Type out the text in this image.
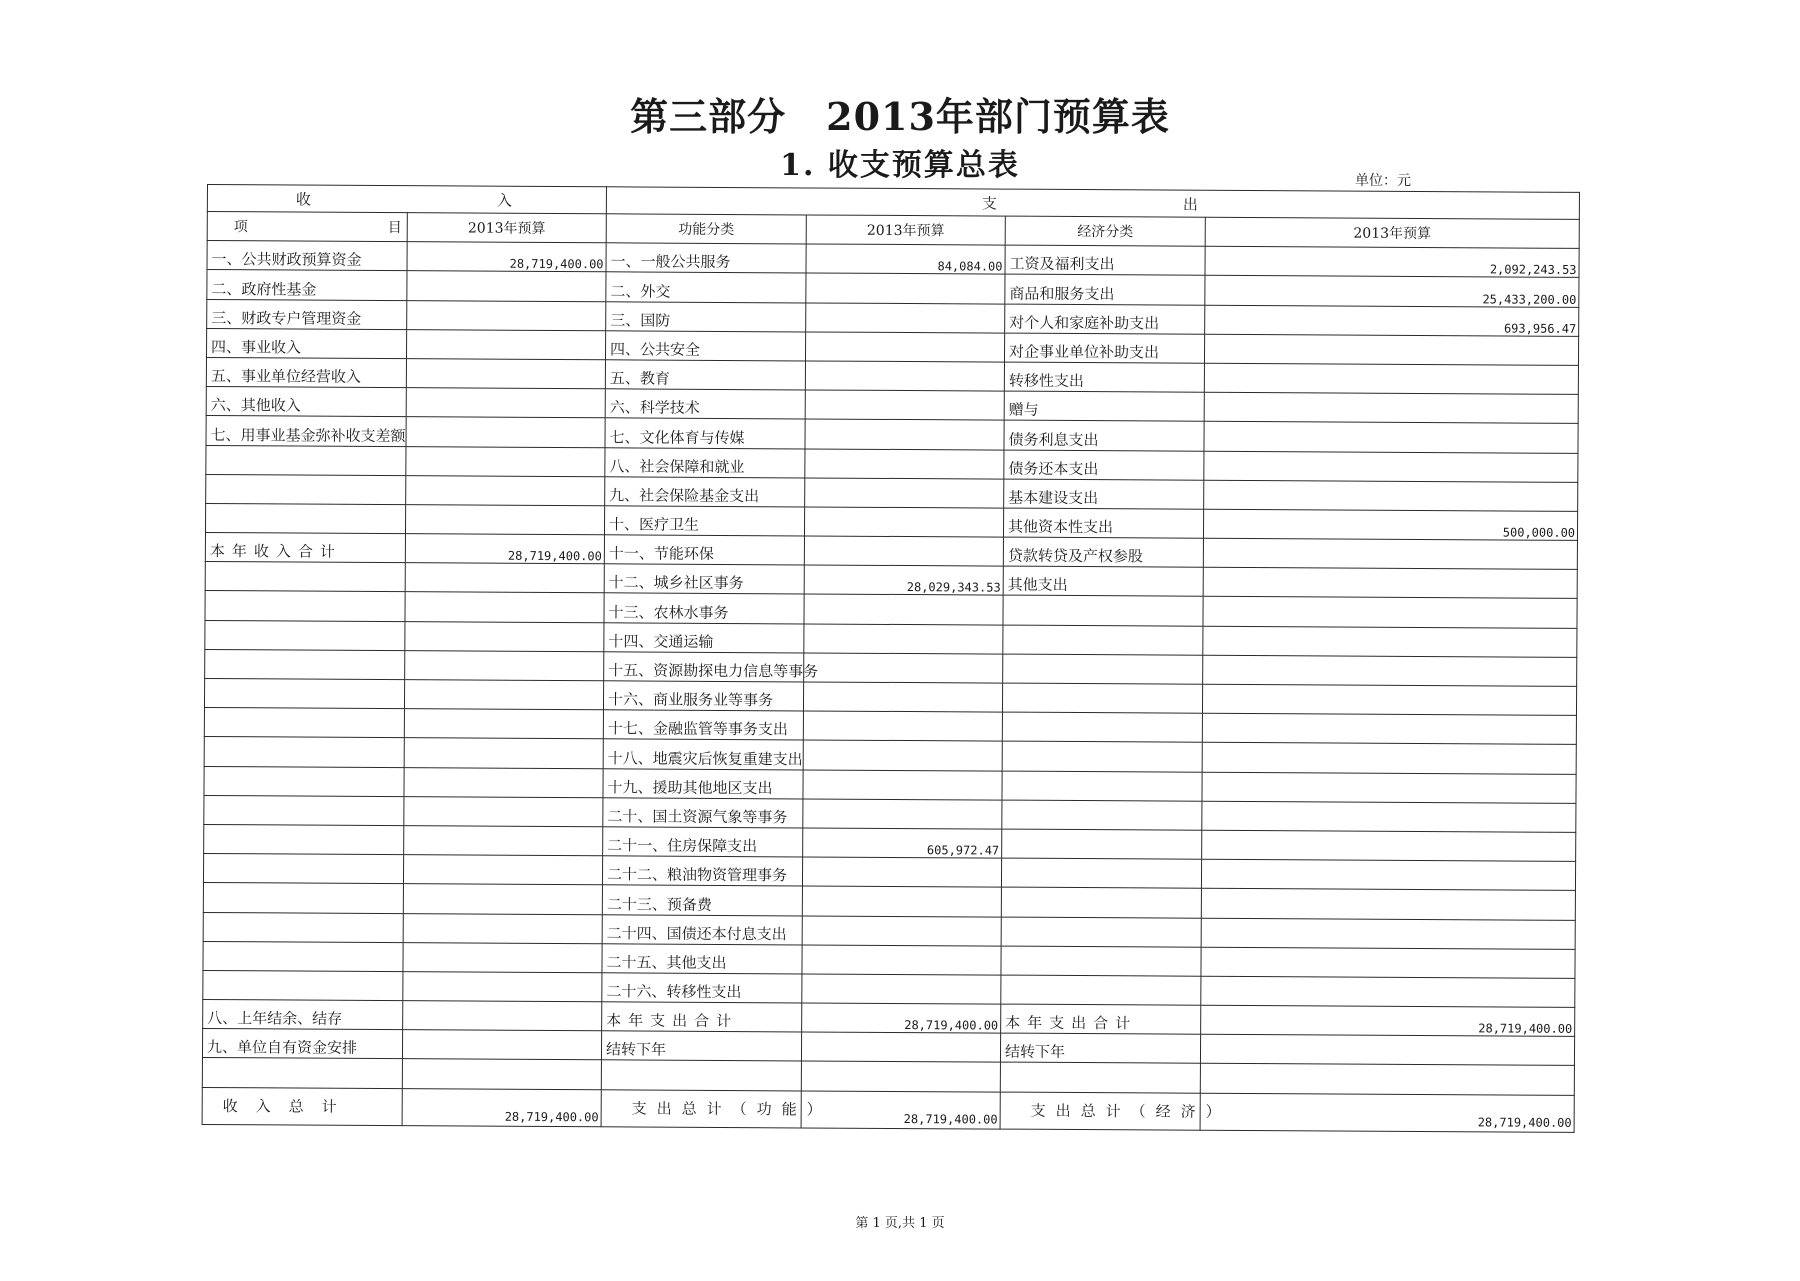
第三部分 2013年部门预算表
1. 收支预算总表	单位：元
收 入		支 出			
项 目	2013年预算	功能分类	2013年预算	经济分类	2013年预算
一、公共财政预算资金	28,719,400.00	一、一般公共服务	84,084.00	工资及福利支出	2,092,243.53
二、政府性基金		二、外交		商品和服务支出	25,433,200.00
三、财政专户管理资金		三、国防		对个人和家庭补助支出	693,956.47
四、事业收入		四、公共安全		对企事业单位补助支出	
五、事业单位经营收入		五、教育		转移性支出	
六、其他收入		六、科学技术		赠与	
七、用事业基金弥补收支差额		七、文化体育与传媒		债务利息支出	
		八、社会保障和就业		债务还本支出	
		九、社会保险基金支出		基本建设支出	
		十、医疗卫生		其他资本性支出	500,000.00
本年收入合计	28,719,400.00	十一、节能环保		贷款转贷及产权参股	
		十二、城乡社区事务	28,029,343.53	其他支出	
		十三、农林水事务			
		十四、交通运输			
		十五、资源勘探电力信息等事务			
		十六、商业服务业等事务			
		十七、金融监管等事务支出			
		十八、地震灾后恢复重建支出			
		十九、援助其他地区支出			
		二十、国土资源气象等事务			
		二十一、住房保障支出	605,972.47		
		二十二、粮油物资管理事务			
		二十三、预备费			
		二十四、国债还本付息支出			
		二十五、其他支出			
		二十六、转移性支出			
八、上年结余、结存		本年支出合计	28,719,400.00	本年支出合计	28,719,400.00
九、单位自有资金安排		结转下年		结转下年	

收入总计	28,719,400.00	支出总计（功能）	28,719,400.00	支出总计（经济）	28,719,400.00
第 1 页,共 1 页
